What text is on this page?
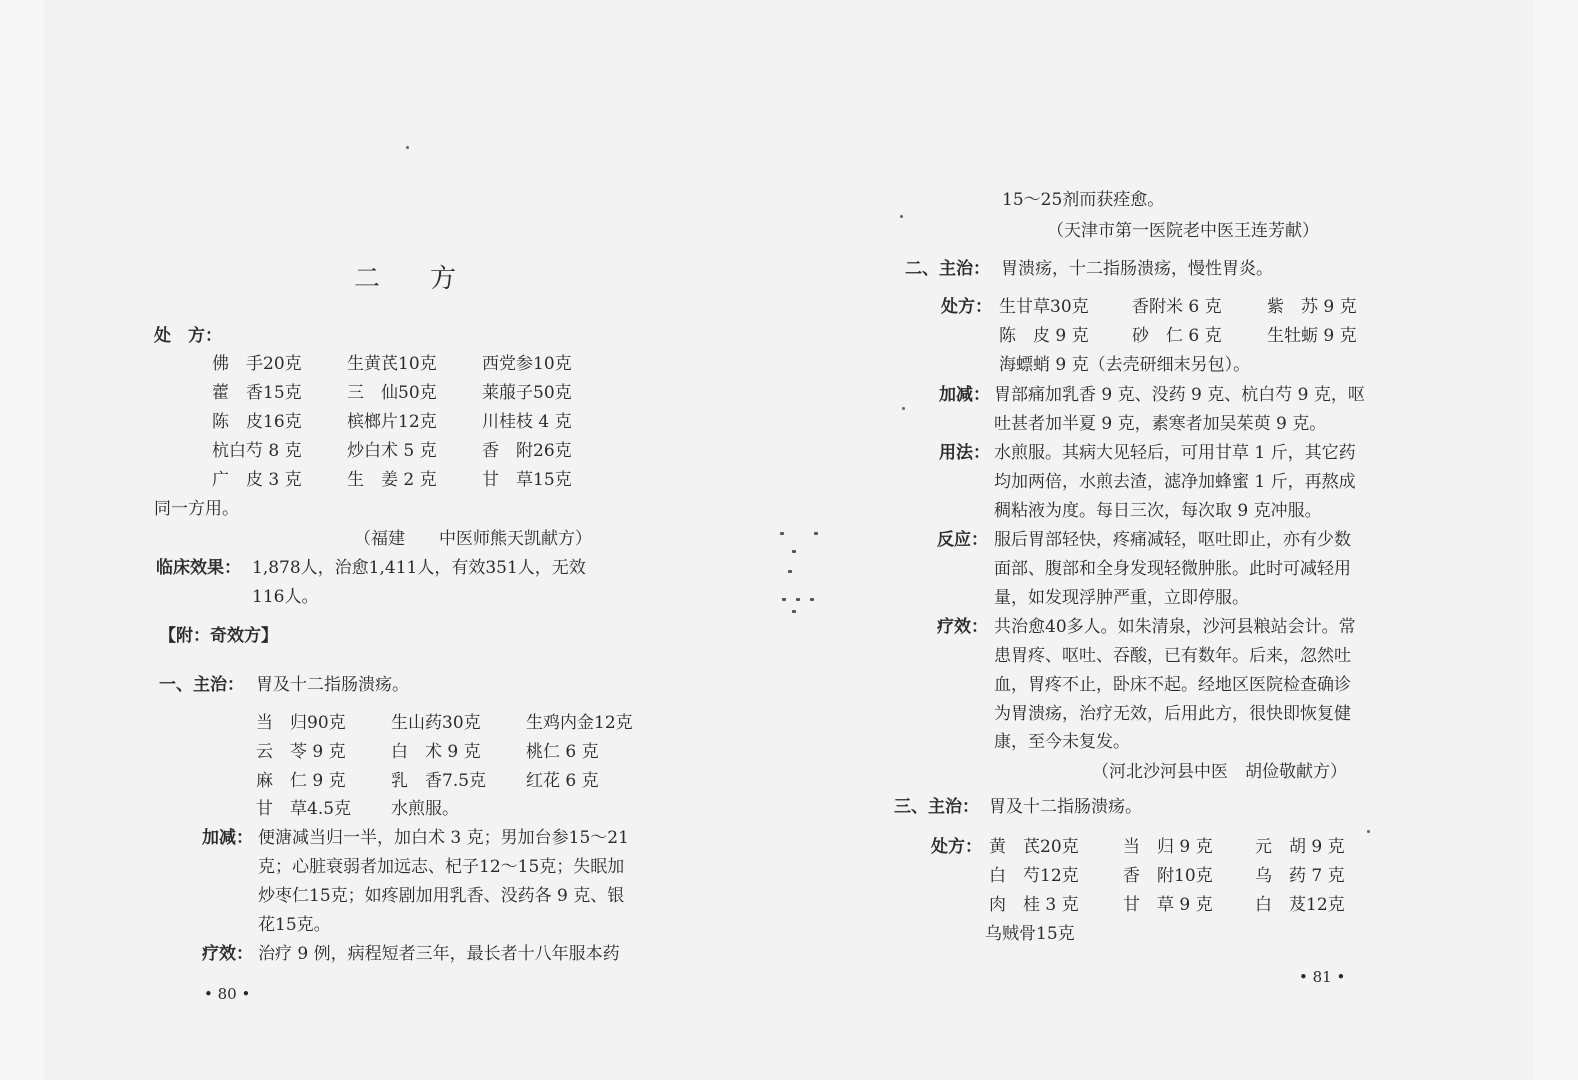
二 方
处　方：
佛　手20克	生黄芪10克	西党参10克
藿　香15克	三　仙50克	莱菔子50克
陈　皮16克	槟榔片12克	川桂枝 4 克
杭白芍 8 克	炒白术 5 克	香　附26克
广　皮 3 克	生　姜 2 克	甘　草15克
同一方用。
（福建　　中医师熊天凯献方）
临床效果： 1,878人，治愈1,411人，有效351人，无效
116人。
【附：奇效方】
一、主治： 胃及十二指肠溃疡。
当　归90克	生山药30克	生鸡内金12克
云　苓 9 克	白　术 9 克	桃仁 6 克
麻　仁 9 克	乳　香7.5克 红花 6 克
甘　草4.5克 水煎服。
加减： 便溏减当归一半，加白术 3 克；男加台参15～21
克；心脏衰弱者加远志、杞子12～15克；失眠加
炒枣仁15克；如疼剧加用乳香、没药各 9 克、银
花15克。
疗效： 治疗 9 例，病程短者三年，最长者十八年服本药
• 80 •
15～25剂而获痊愈。
（天津市第一医院老中医王连芳献）
二、主治： 胃溃疡，十二指肠溃疡，慢性胃炎。
处方： 生甘草30克	香附米 6 克	紫　苏 9 克
陈　皮 9 克	砂　仁 6 克	生牡蛎 9 克
海螵蛸 9 克（去壳研细末另包）。
加减： 胃部痛加乳香 9 克、没药 9 克、杭白芍 9 克，呕
吐甚者加半夏 9 克，素寒者加吴茱萸 9 克。
用法： 水煎服。其病大见轻后，可用甘草 1 斤，其它药
均加两倍，水煎去渣，滤净加蜂蜜 1 斤，再熬成
稠粘液为度。每日三次，每次取 9 克冲服。
反应： 服后胃部轻快，疼痛减轻，呕吐即止，亦有少数
面部、腹部和全身发现轻微肿胀。此时可减轻用
量，如发现浮肿严重，立即停服。
疗效： 共治愈40多人。如朱清泉，沙河县粮站会计。常
患胃疼、呕吐、吞酸，已有数年。后来，忽然吐
血，胃疼不止，卧床不起。经地区医院检查确诊
为胃溃疡，治疗无效，后用此方，很快即恢复健
康，至今未复发。
（河北沙河县中医　胡俭敬献方）
三、主治： 胃及十二指肠溃疡。
处方： 黄　芪20克	当　归 9 克 元　胡 9 克
白　芍12克	香　附10克 乌　药 7 克
肉　桂 3 克	甘　草 9 克 白　芨12克
乌贼骨15克
• 81 •
